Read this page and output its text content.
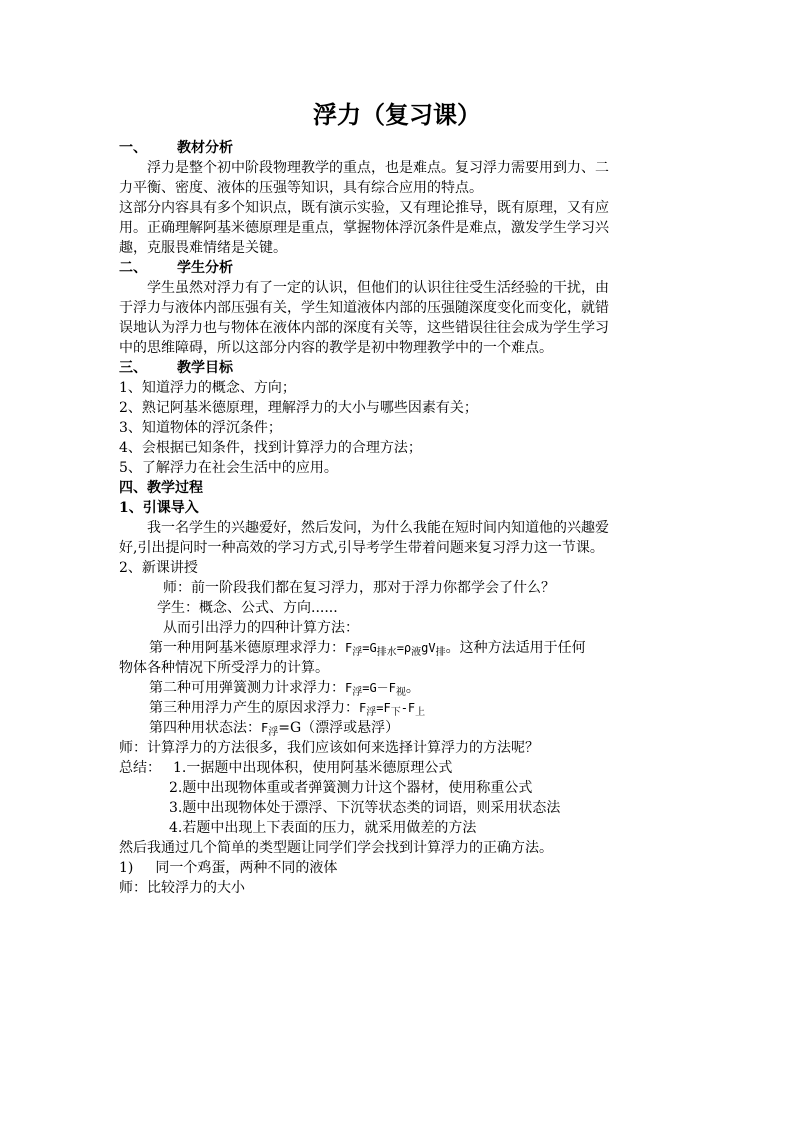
浮力（复习课）
一、 教材分析
浮力是整个初中阶段物理教学的重点，也是难点。复习浮力需要用到力、二
力平衡、密度、液体的压强等知识，具有综合应用的特点。
这部分内容具有多个知识点，既有演示实验，又有理论推导，既有原理，又有应
用。正确理解阿基米德原理是重点，掌握物体浮沉条件是难点，激发学生学习兴
趣，克服畏难情绪是关键。
二、 学生分析
学生虽然对浮力有了一定的认识，但他们的认识往往受生活经验的干扰，由
于浮力与液体内部压强有关，学生知道液体内部的压强随深度变化而变化，就错
误地认为浮力也与物体在液体内部的深度有关等，这些错误往往会成为学生学习
中的思维障碍，所以这部分内容的教学是初中物理教学中的一个难点。
三、 教学目标
1、知道浮力的概念、方向；
2、熟记阿基米德原理，理解浮力的大小与哪些因素有关；
3、知道物体的浮沉条件；
4、会根据已知条件，找到计算浮力的合理方法；
5、了解浮力在社会生活中的应用。
四、教学过程
1、引课导入
我一名学生的兴趣爱好，然后发问，为什么我能在短时间内知道他的兴趣爱
好,引出提问时一种高效的学习方式,引导考学生带着问题来复习浮力这一节课。
2、新课讲授
师：前一阶段我们都在复习浮力，那对于浮力你都学会了什么？
学生：概念、公式、方向......
从而引出浮力的四种计算方法：
第一种用阿基米德原理求浮力：$F_浮=G_{排水}=\rho_液gV_排$。这种方法适用于任何
物体各种情况下所受浮力的计算。
第二种可用弹簧测力计求浮力：$F_浮=G-F_视$。
第三种用浮力产生的原因求浮力：$F_浮=F_下-F_上$
第四种用状态法：$F_浮=G$（漂浮或悬浮）
师：计算浮力的方法很多，我们应该如何来选择计算浮力的方法呢？
总结： 1.一据题中出现体积，使用阿基米德原理公式
2.题中出现物体重或者弹簧测力计这个器材，使用称重公式
3.题中出现物体处于漂浮、下沉等状态类的词语，则采用状态法
4.若题中出现上下表面的压力，就采用做差的方法
然后我通过几个简单的类型题让同学们学会找到计算浮力的正确方法。
1) 同一个鸡蛋，两种不同的液体
师：比较浮力的大小
